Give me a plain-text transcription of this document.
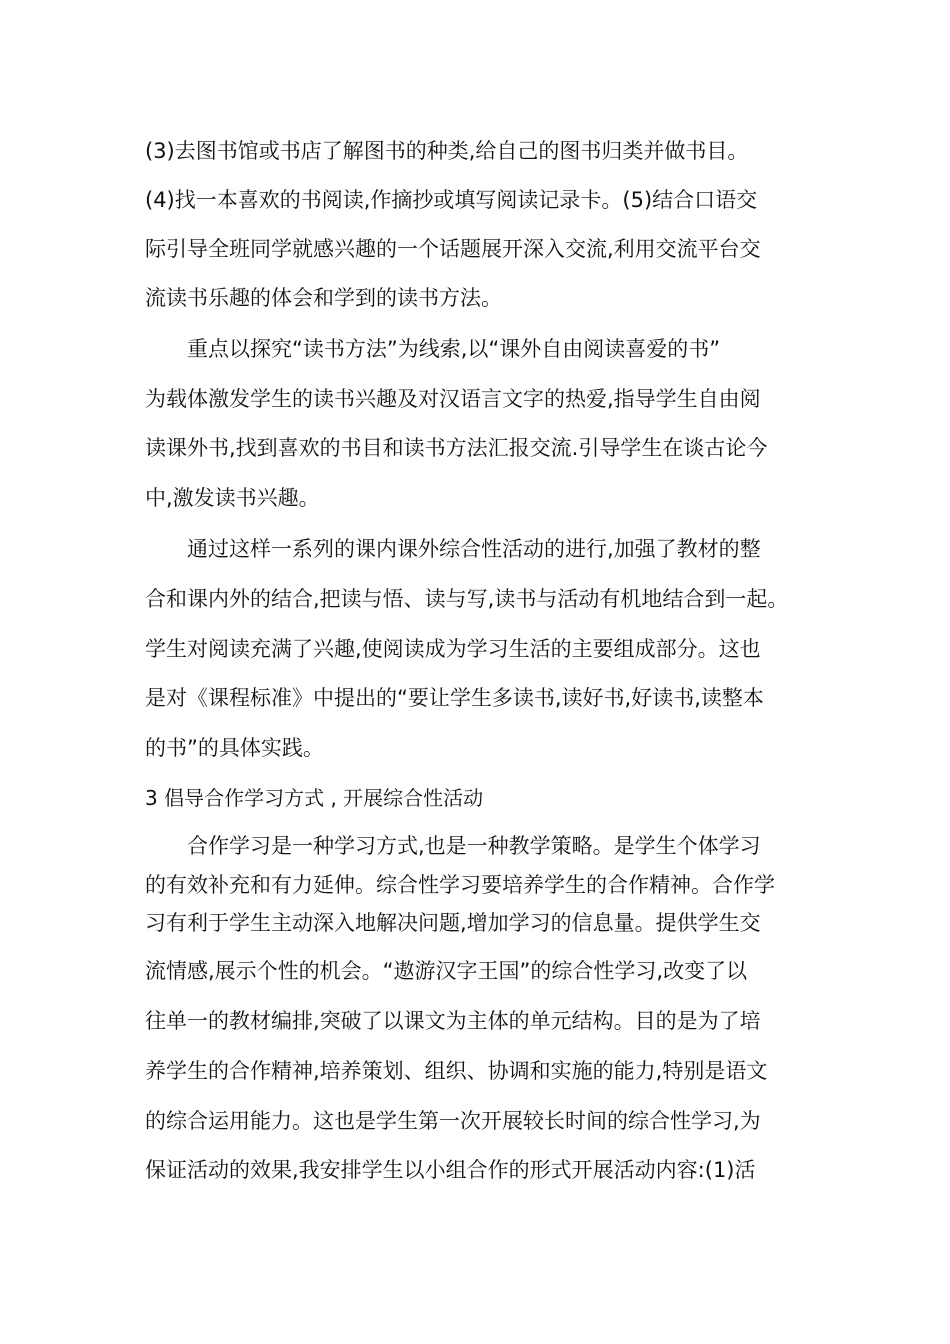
(3)去图书馆或书店了解图书的种类,给自己的图书归类并做书目。
(4)找一本喜欢的书阅读,作摘抄或填写阅读记录卡。(5)结合口语交
际引导全班同学就感兴趣的一个话题展开深入交流,利用交流平台交
流读书乐趣的体会和学到的读书方法。
重点以探究“读书方法”为线索,以“课外自由阅读喜爱的书”
为载体激发学生的读书兴趣及对汉语言文字的热爱,指导学生自由阅
读课外书,找到喜欢的书目和读书方法汇报交流.引导学生在谈古论今
中,激发读书兴趣。
通过这样一系列的课内课外综合性活动的进行,加强了教材的整
合和课内外的结合,把读与悟、读与写,读书与活动有机地结合到一起。
学生对阅读充满了兴趣,使阅读成为学习生活的主要组成部分。这也
是对《课程标准》中提出的“要让学生多读书,读好书,好读书,读整本
的书”的具体实践。
3 倡导合作学习方式 , 开展综合性活动
合作学习是一种学习方式,也是一种教学策略。是学生个体学习
的有效补充和有力延伸。综合性学习要培养学生的合作精神。合作学
习有利于学生主动深入地解决问题,增加学习的信息量。提供学生交
流情感,展示个性的机会。“遨游汉字王国”的综合性学习,改变了以
往单一的教材编排,突破了以课文为主体的单元结构。目的是为了培
养学生的合作精神,培养策划、组织、协调和实施的能力,特别是语文
的综合运用能力。这也是学生第一次开展较长时间的综合性学习,为
保证活动的效果,我安排学生以小组合作的形式开展活动内容:(1)活
